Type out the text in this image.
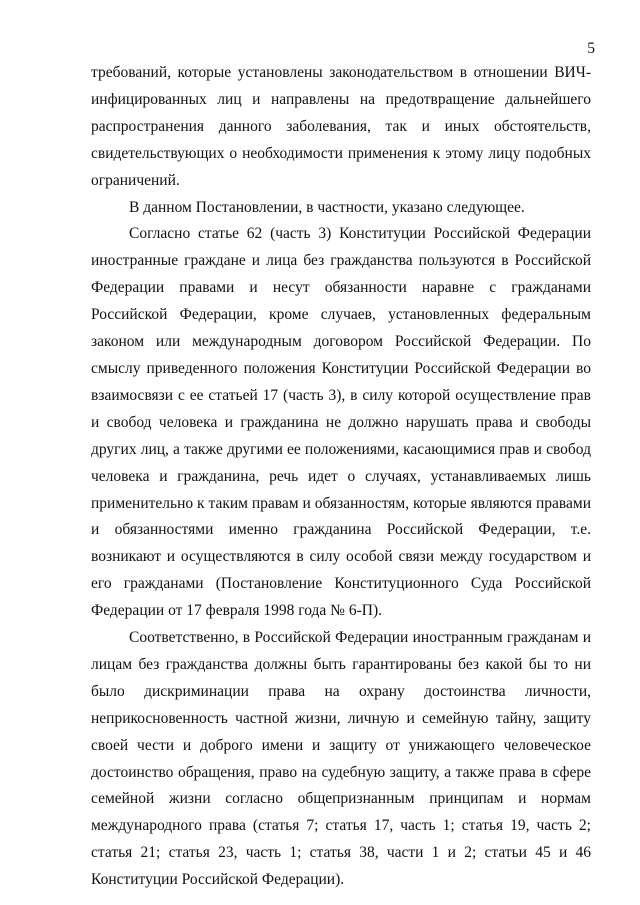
5

требований, которые установлены законодательством в отношении ВИЧ-инфицированных лиц и направлены на предотвращение дальнейшего распространения данного заболевания, так и иных обстоятельств, свидетельствующих о необходимости применения к этому лицу подобных ограничений.

В данном Постановлении, в частности, указано следующее.

Согласно статье 62 (часть 3) Конституции Российской Федерации иностранные граждане и лица без гражданства пользуются в Российской Федерации правами и несут обязанности наравне с гражданами Российской Федерации, кроме случаев, установленных федеральным законом или международным договором Российской Федерации. По смыслу приведенного положения Конституции Российской Федерации во взаимосвязи с ее статьей 17 (часть 3), в силу которой осуществление прав и свобод человека и гражданина не должно нарушать права и свободы других лиц, а также другими ее положениями, касающимися прав и свобод человека и гражданина, речь идет о случаях, устанавливаемых лишь применительно к таким правам и обязанностям, которые являются правами и обязанностями именно гражданина Российской Федерации, т.е. возникают и осуществляются в силу особой связи между государством и его гражданами (Постановление Конституционного Суда Российской Федерации от 17 февраля 1998 года № 6-П).

Соответственно, в Российской Федерации иностранным гражданам и лицам без гражданства должны быть гарантированы без какой бы то ни было дискриминации права на охрану достоинства личности, неприкосновенность частной жизни, личную и семейную тайну, защиту своей чести и доброго имени и защиту от унижающего человеческое достоинство обращения, право на судебную защиту, а также права в сфере семейной жизни согласно общепризнанным принципам и нормам международного права (статья 7; статья 17, часть 1; статья 19, часть 2; статья 21; статья 23, часть 1; статья 38, части 1 и 2; статьи 45 и 46 Конституции Российской Федерации).
